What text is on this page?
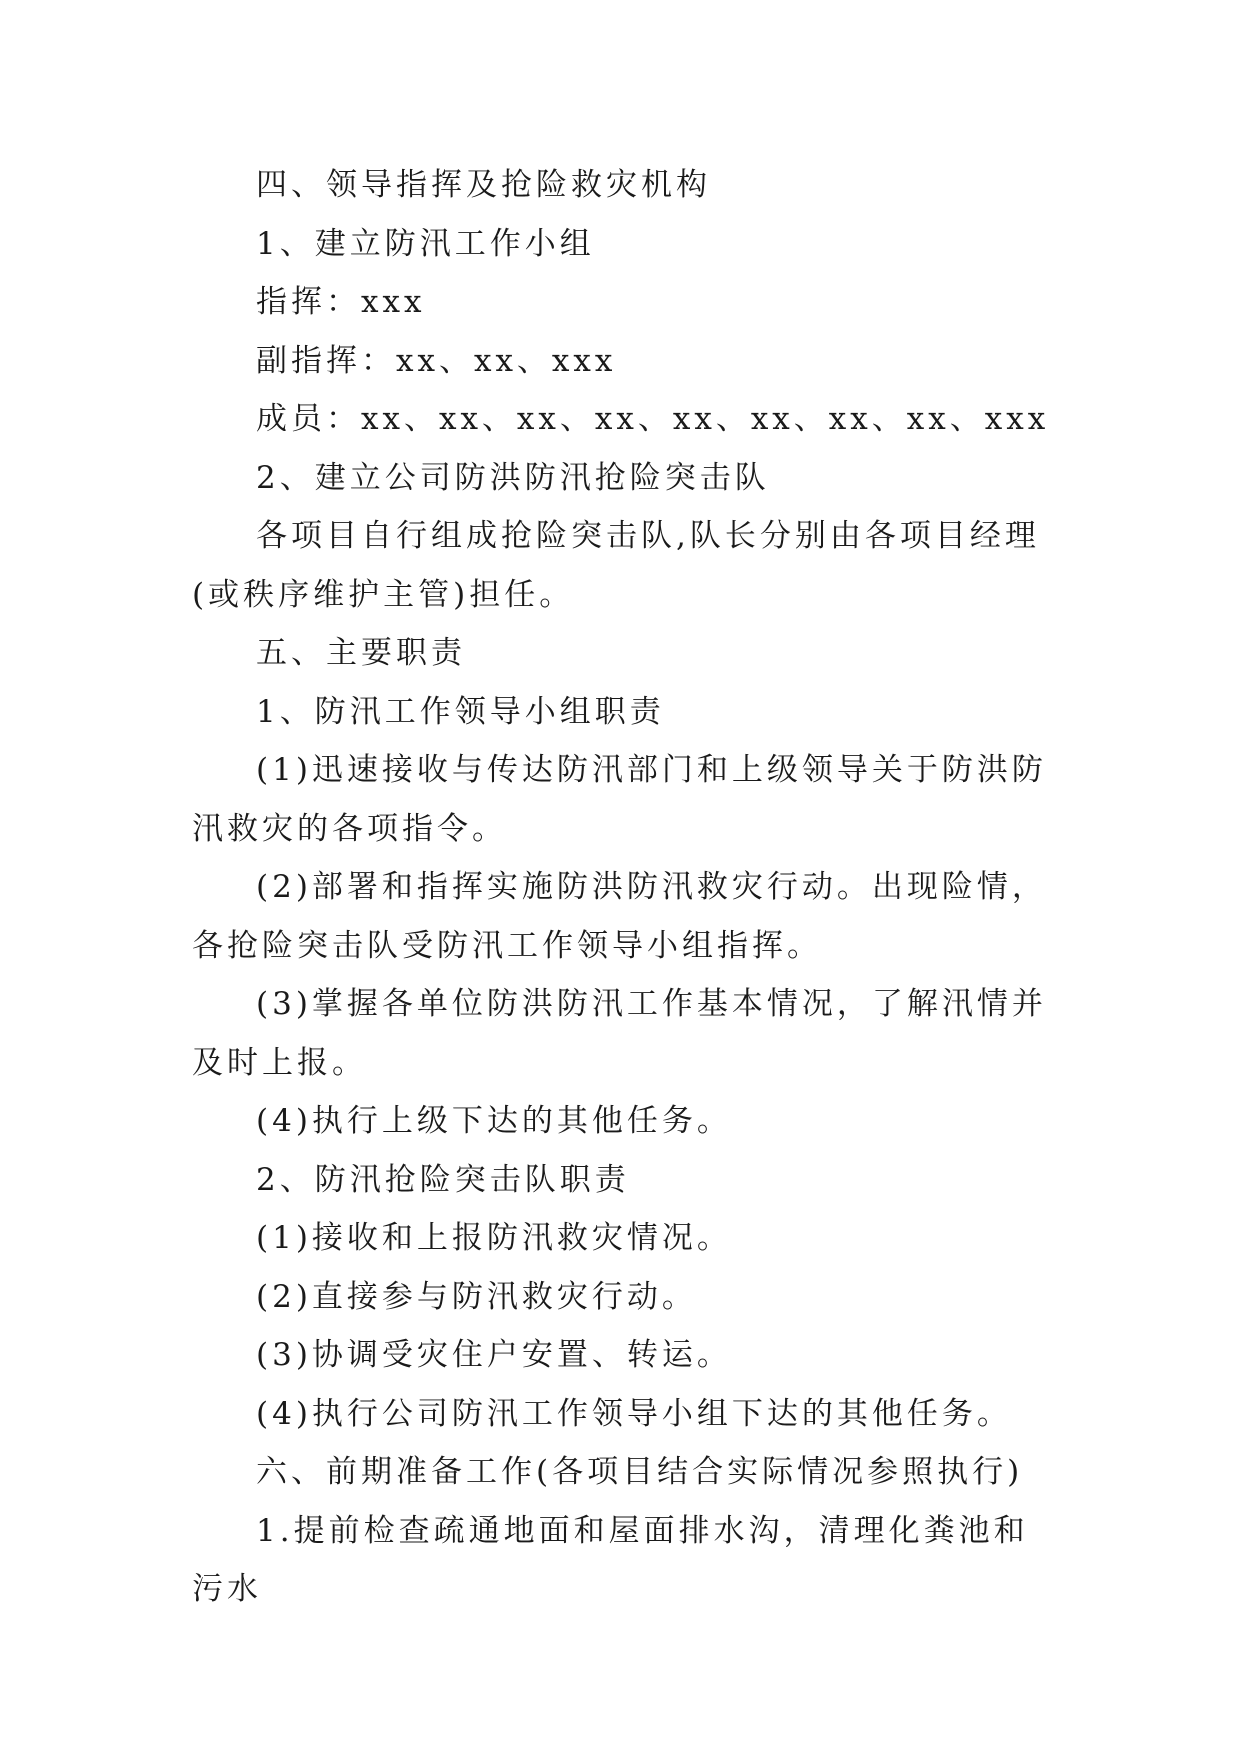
四、领导指挥及抢险救灾机构

1、建立防汛工作小组

指挥：xxx

副指挥：xx、xx、xxx

成员：xx、xx、xx、xx、xx、xx、xx、xx、xxx

2、建立公司防洪防汛抢险突击队

各项目自行组成抢险突击队,队长分别由各项目经理(或秩序维护主管)担任。

五、主要职责

1、防汛工作领导小组职责

(1)迅速接收与传达防汛部门和上级领导关于防洪防汛救灾的各项指令。

(2)部署和指挥实施防洪防汛救灾行动。出现险情，各抢险突击队受防汛工作领导小组指挥。

(3)掌握各单位防洪防汛工作基本情况，了解汛情并及时上报。

(4)执行上级下达的其他任务。

2、防汛抢险突击队职责

(1)接收和上报防汛救灾情况。

(2)直接参与防汛救灾行动。

(3)协调受灾住户安置、转运。

(4)执行公司防汛工作领导小组下达的其他任务。

六、前期准备工作(各项目结合实际情况参照执行)

1.提前检查疏通地面和屋面排水沟，清理化粪池和污水
